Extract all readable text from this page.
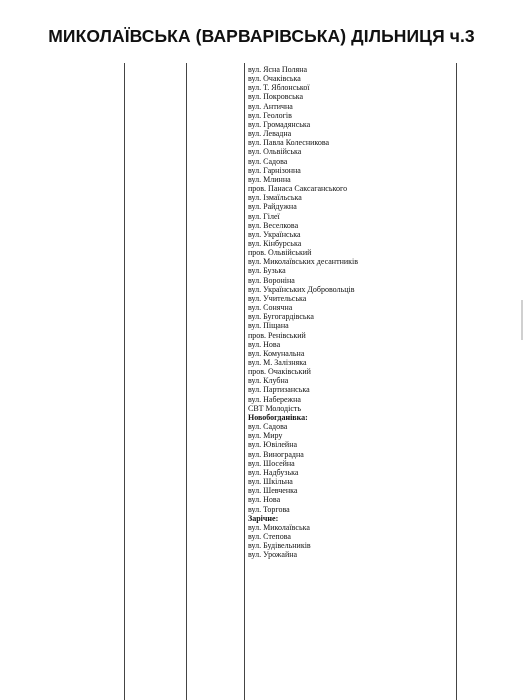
МИКОЛАЇВСЬКА (ВАРВАРІВСЬКА) ДІЛЬНИЦЯ ч.3
вул. Ясна Поляна
вул. Очаківська
вул. Т. Яблонської
вул. Покровська
вул. Антична
вул. Геологів
вул. Громадянська
вул. Левадна
вул. Павла Колесникова
вул. Ольвійська
вул. Садова
вул. Гарнізонна
вул. Млинна
пров. Панаса Саксаганського
вул. Ізмаїльська
вул. Райдужна
вул. Гілеї
вул. Веселкова
вул. Українська
вул. Кінбурська
пров. Ольвійський
вул. Миколаївських десантників
вул. Бузька
вул. Вороніна
вул. Українських Добровольців
вул. Учительська
вул. Сонячна
вул. Бугогардівська
вул. Піщана
пров. Ренівський
вул. Нова
вул. Комунальна
вул. М. Залізняка
пров. Очаківський
вул. Клубна
вул. Партизанська
вул. Набережна
СВТ Молодість
Новобогданівка:
вул. Садова
вул. Миру
вул. Ювілейна
вул. Виноградна
вул. Шосейна
вул. Надбузька
вул. Шкільна
вул. Шевченка
вул. Нова
вул. Торгова
Зарічне:
вул. Миколаївська
вул. Степова
вул. Будівельників
вул. Урожайна
